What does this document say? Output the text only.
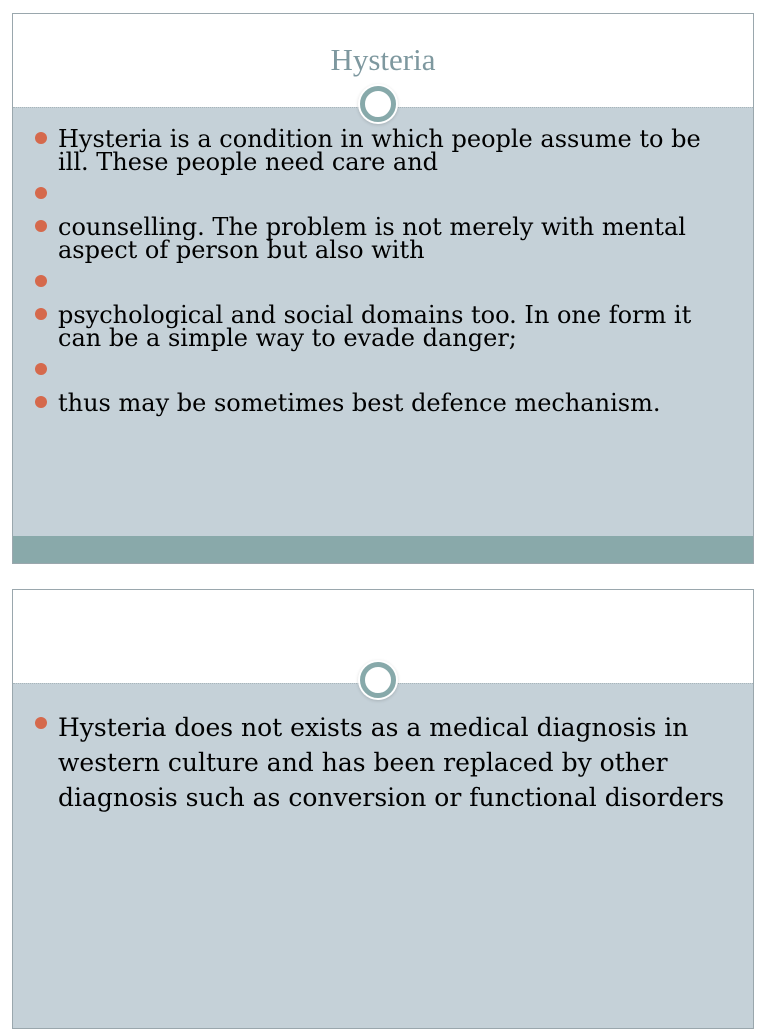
Hysteria
Hysteria is a condition in which people assume to be ill. These people need care and
counselling. The problem is not merely with mental aspect of person but also with
psychological and social domains too. In one form it can be a simple way to evade danger;
thus may be sometimes best defence mechanism.
Hysteria does not exists as a medical diagnosis in western culture and has been replaced by other diagnosis such as conversion or functional disorders
